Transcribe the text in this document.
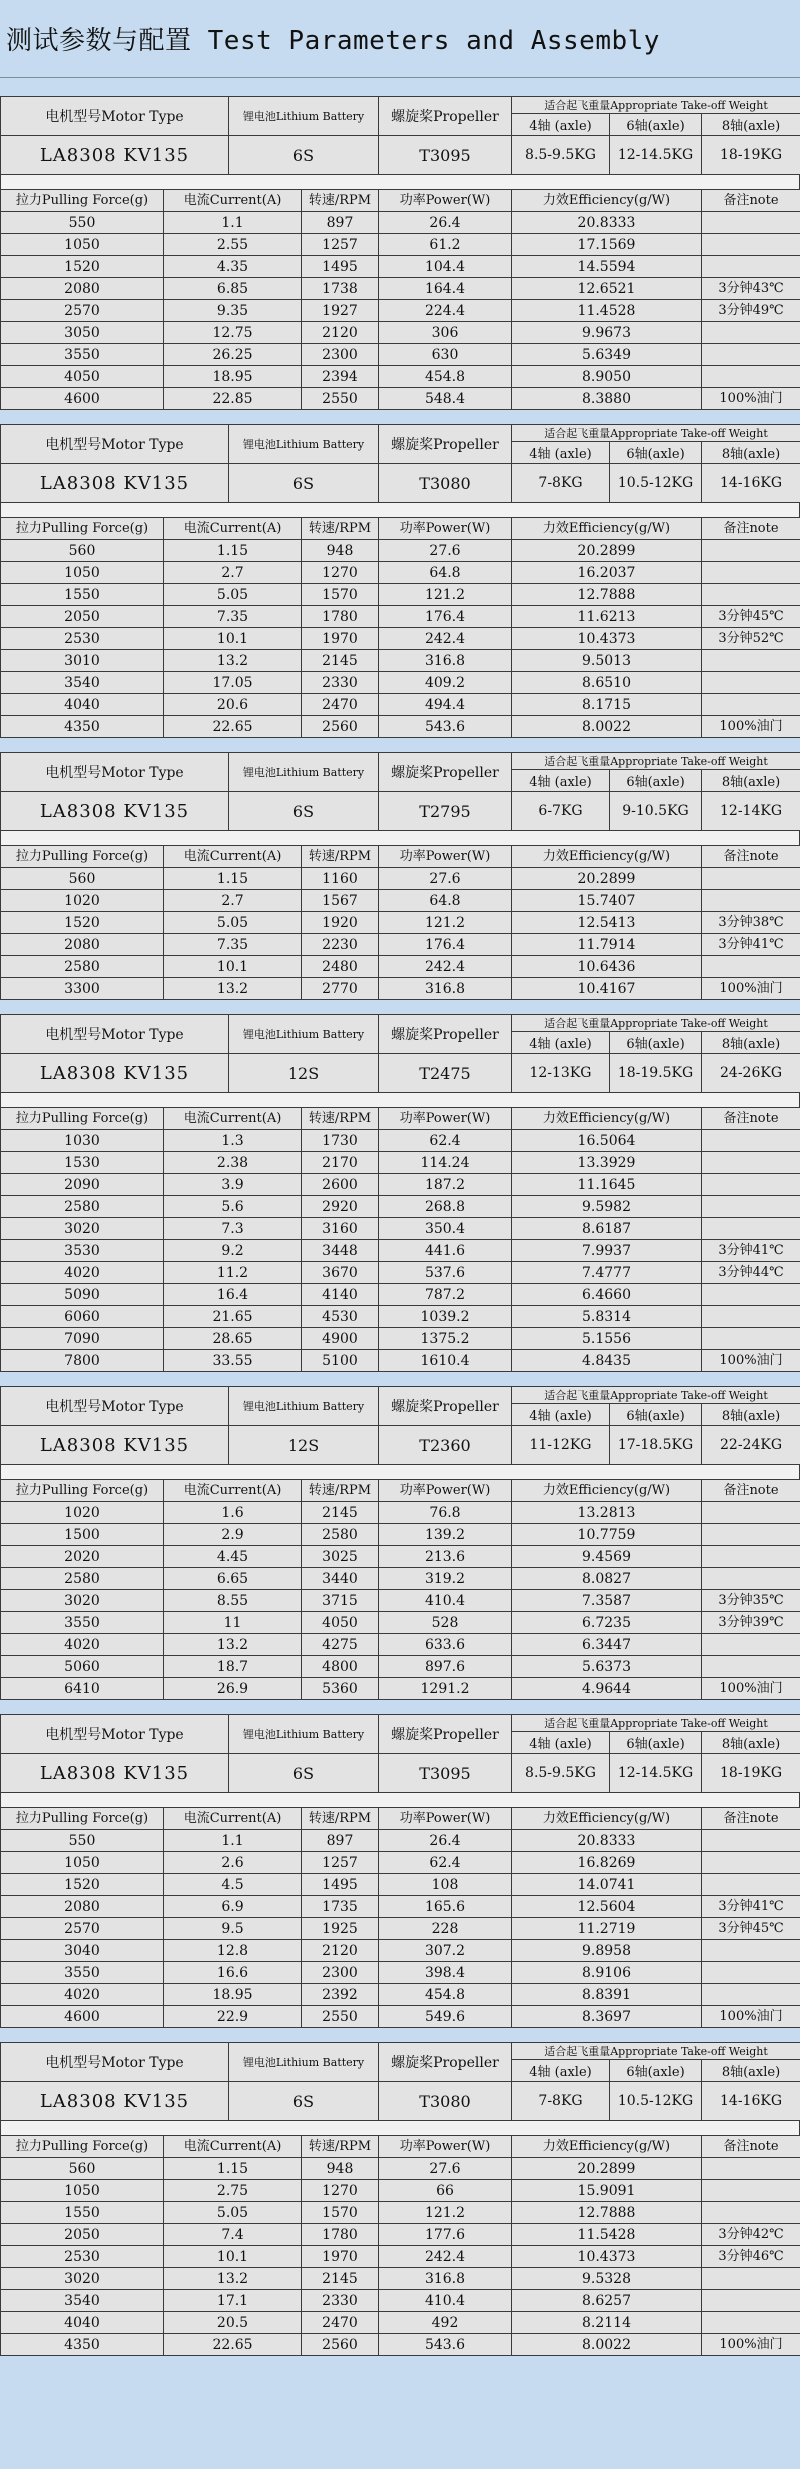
测试参数与配置 Test Parameters and Assembly
电机型号Motor Type	锂电池Lithium Battery	螺旋桨Propeller	适合起飞重量Appropriate Take-off Weight		
			4轴 (axle)	6轴(axle)	8轴(axle)
LA8308 KV135	6S	T3095	8.5-9.5KG	12-14.5KG	18-19KG
拉力Pulling Force(g)	电流Current(A)	转速/RPM	功率Power(W)	力效Efficiency(g/W)	备注note
550	1.1	897	26.4	20.8333	
1050	2.55	1257	61.2	17.1569	
1520	4.35	1495	104.4	14.5594	
2080	6.85	1738	164.4	12.6521	3分钟43℃
2570	9.35	1927	224.4	11.4528	3分钟49℃
3050	12.75	2120	306	9.9673	
3550	26.25	2300	630	5.6349	
4050	18.95	2394	454.8	8.9050	
4600	22.85	2550	548.4	8.3880	100%油门
电机型号Motor Type	锂电池Lithium Battery	螺旋桨Propeller	适合起飞重量Appropriate Take-off Weight		
			4轴 (axle)	6轴(axle)	8轴(axle)
LA8308 KV135	6S	T3080	7-8KG	10.5-12KG	14-16KG
拉力Pulling Force(g)	电流Current(A)	转速/RPM	功率Power(W)	力效Efficiency(g/W)	备注note
560	1.15	948	27.6	20.2899	
1050	2.7	1270	64.8	16.2037	
1550	5.05	1570	121.2	12.7888	
2050	7.35	1780	176.4	11.6213	3分钟45℃
2530	10.1	1970	242.4	10.4373	3分钟52℃
3010	13.2	2145	316.8	9.5013	
3540	17.05	2330	409.2	8.6510	
4040	20.6	2470	494.4	8.1715	
4350	22.65	2560	543.6	8.0022	100%油门
电机型号Motor Type	锂电池Lithium Battery	螺旋桨Propeller	适合起飞重量Appropriate Take-off Weight		
			4轴 (axle)	6轴(axle)	8轴(axle)
LA8308 KV135	6S	T2795	6-7KG	9-10.5KG	12-14KG
拉力Pulling Force(g)	电流Current(A)	转速/RPM	功率Power(W)	力效Efficiency(g/W)	备注note
560	1.15	1160	27.6	20.2899	
1020	2.7	1567	64.8	15.7407	
1520	5.05	1920	121.2	12.5413	3分钟38℃
2080	7.35	2230	176.4	11.7914	3分钟41℃
2580	10.1	2480	242.4	10.6436	
3300	13.2	2770	316.8	10.4167	100%油门
电机型号Motor Type	锂电池Lithium Battery	螺旋桨Propeller	适合起飞重量Appropriate Take-off Weight		
			4轴 (axle)	6轴(axle)	8轴(axle)
LA8308 KV135	12S	T2475	12-13KG	18-19.5KG	24-26KG
拉力Pulling Force(g)	电流Current(A)	转速/RPM	功率Power(W)	力效Efficiency(g/W)	备注note
1030	1.3	1730	62.4	16.5064	
1530	2.38	2170	114.24	13.3929	
2090	3.9	2600	187.2	11.1645	
2580	5.6	2920	268.8	9.5982	
3020	7.3	3160	350.4	8.6187	
3530	9.2	3448	441.6	7.9937	3分钟41℃
4020	11.2	3670	537.6	7.4777	3分钟44℃
5090	16.4	4140	787.2	6.4660	
6060	21.65	4530	1039.2	5.8314	
7090	28.65	4900	1375.2	5.1556	
7800	33.55	5100	1610.4	4.8435	100%油门
电机型号Motor Type	锂电池Lithium Battery	螺旋桨Propeller	适合起飞重量Appropriate Take-off Weight		
			4轴 (axle)	6轴(axle)	8轴(axle)
LA8308 KV135	12S	T2360	11-12KG	17-18.5KG	22-24KG
拉力Pulling Force(g)	电流Current(A)	转速/RPM	功率Power(W)	力效Efficiency(g/W)	备注note
1020	1.6	2145	76.8	13.2813	
1500	2.9	2580	139.2	10.7759	
2020	4.45	3025	213.6	9.4569	
2580	6.65	3440	319.2	8.0827	
3020	8.55	3715	410.4	7.3587	3分钟35℃
3550	11	4050	528	6.7235	3分钟39℃
4020	13.2	4275	633.6	6.3447	
5060	18.7	4800	897.6	5.6373	
6410	26.9	5360	1291.2	4.9644	100%油门
电机型号Motor Type	锂电池Lithium Battery	螺旋桨Propeller	适合起飞重量Appropriate Take-off Weight		
			4轴 (axle)	6轴(axle)	8轴(axle)
LA8308 KV135	6S	T3095	8.5-9.5KG	12-14.5KG	18-19KG
拉力Pulling Force(g)	电流Current(A)	转速/RPM	功率Power(W)	力效Efficiency(g/W)	备注note
550	1.1	897	26.4	20.8333	
1050	2.6	1257	62.4	16.8269	
1520	4.5	1495	108	14.0741	
2080	6.9	1735	165.6	12.5604	3分钟41℃
2570	9.5	1925	228	11.2719	3分钟45℃
3040	12.8	2120	307.2	9.8958	
3550	16.6	2300	398.4	8.9106	
4020	18.95	2392	454.8	8.8391	
4600	22.9	2550	549.6	8.3697	100%油门
电机型号Motor Type	锂电池Lithium Battery	螺旋桨Propeller	适合起飞重量Appropriate Take-off Weight		
			4轴 (axle)	6轴(axle)	8轴(axle)
LA8308 KV135	6S	T3080	7-8KG	10.5-12KG	14-16KG
拉力Pulling Force(g)	电流Current(A)	转速/RPM	功率Power(W)	力效Efficiency(g/W)	备注note
560	1.15	948	27.6	20.2899	
1050	2.75	1270	66	15.9091	
1550	5.05	1570	121.2	12.7888	
2050	7.4	1780	177.6	11.5428	3分钟42℃
2530	10.1	1970	242.4	10.4373	3分钟46℃
3020	13.2	2145	316.8	9.5328	
3540	17.1	2330	410.4	8.6257	
4040	20.5	2470	492	8.2114	
4350	22.65	2560	543.6	8.0022	100%油门
